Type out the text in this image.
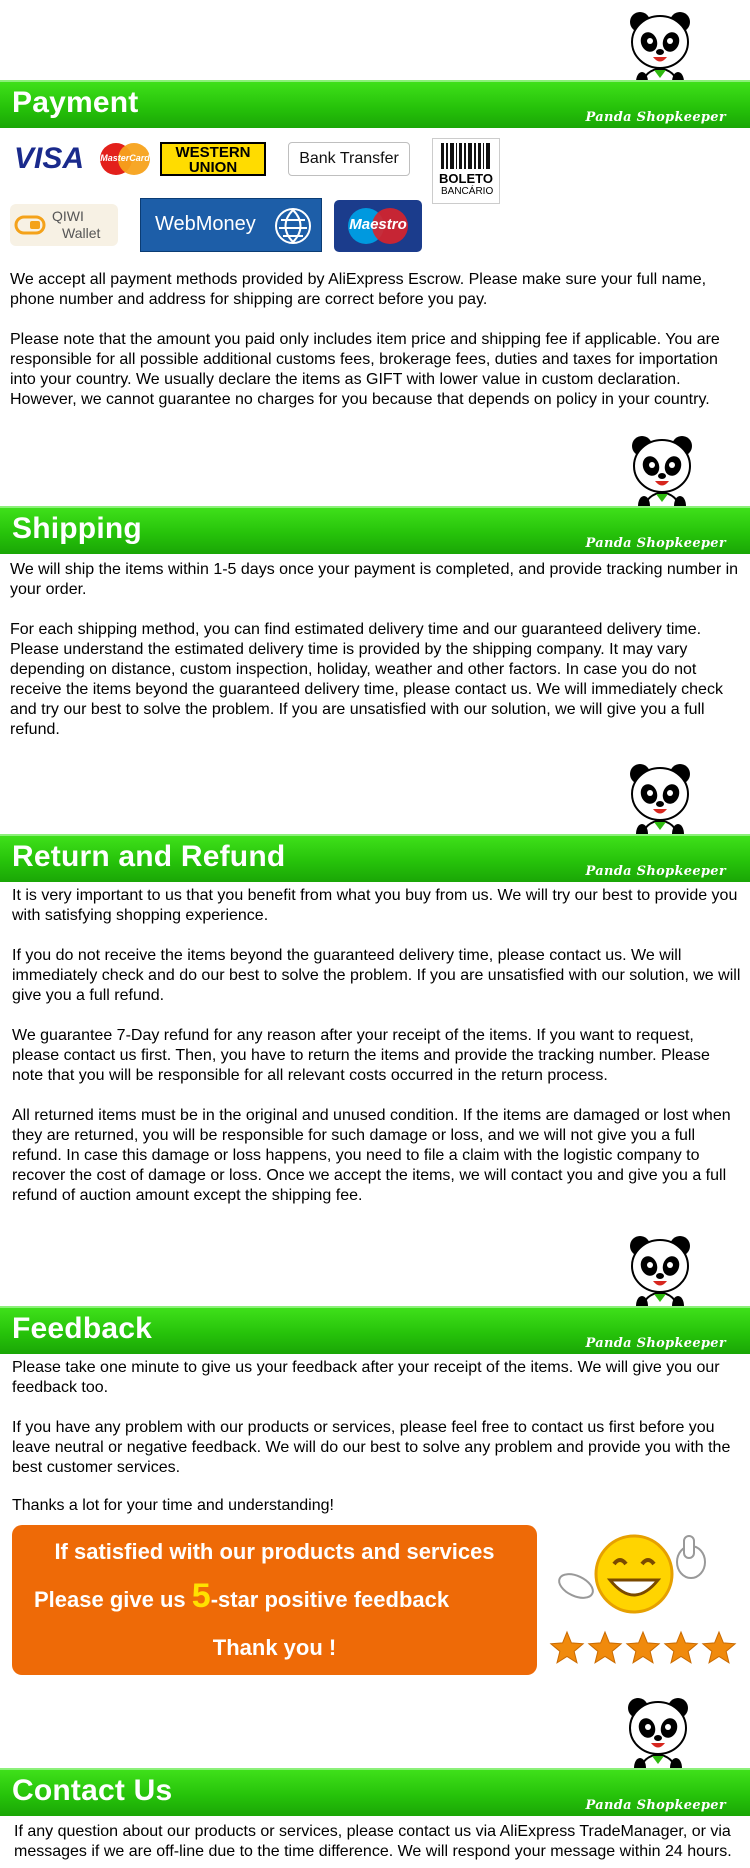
Payment	Panda Shopkeeper
VISA	MasterCard	WESTERN
UNION
Bank Transfer
BOLETO
BANCÁRIO
QIWI
Wallet	WebMoney	Maestro

We accept all payment methods provided by AliExpress Escrow. Please make sure your full name, phone number and address for shipping are correct before you pay.

Please note that the amount you paid only includes item price and shipping fee if applicable. You are responsible for all possible additional customs fees, brokerage fees, duties and taxes for importation into your country. We usually declare the items as GIFT with lower value in custom declaration. However, we cannot guarantee no charges for you because that depends on policy in your country.

Shipping	Panda Shopkeeper

We will ship the items within 1-5 days once your payment is completed, and provide tracking number in your order.

For each shipping method, you can find estimated delivery time and our guaranteed delivery time. Please understand the estimated delivery time is provided by the shipping company. It may vary depending on distance, custom inspection, holiday, weather and other factors. In case you do not receive the items beyond the guaranteed delivery time, please contact us. We will immediately check and try our best to solve the problem. If you are unsatisfied with our solution, we will give you a full refund.

Return and Refund	Panda Shopkeeper

It is very important to us that you benefit from what you buy from us. We will try our best to provide you with satisfying shopping experience.

If you do not receive the items beyond the guaranteed delivery time, please contact us. We will immediately check and do our best to solve the problem. If you are unsatisfied with our solution, we will give you a full refund.

We guarantee 7-Day refund for any reason after your receipt of the items. If you want to request, please contact us first. Then, you have to return the items and provide the tracking number. Please note that you will be responsible for all relevant costs occurred in the return process.

All returned items must be in the original and unused condition. If the items are damaged or lost when they are returned, you will be responsible for such damage or loss, and we will not give you a full refund. In case this damage or loss happens, you need to file a claim with the logistic company to recover the cost of damage or loss. Once we accept the items, we will contact you and give you a full refund of auction amount except the shipping fee.

Feedback	Panda Shopkeeper

Please take one minute to give us your feedback after your receipt of the items. We will give you our feedback too.

If you have any problem with our products or services, please feel free to contact us first before you leave neutral or negative feedback. We will do our best to solve any problem and provide you with the best customer services.

Thanks a lot for your time and understanding!

If satisfied with our products and services
Please give us 5-star positive feedback
Thank you !
Contact Us	Panda Shopkeeper

If any question about our products or services, please contact us via AliExpress TradeManager, or via messages if we are off-line due to the time difference. We will respond your message within 24 hours.
